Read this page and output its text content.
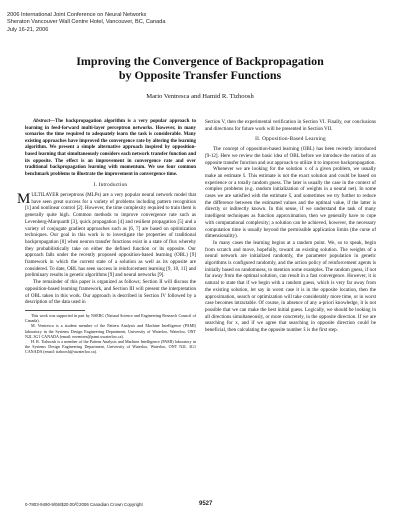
2006 International Joint Conference on Neural Networks
Sheraton Vancouver Wall Centre Hotel, Vancouver, BC, Canada
July 16-21, 2006
Improving the Convergence of Backpropagation
by Opposite Transfer Functions
Mario Ventresca and Hamid R. Tizhoosh

Abstract—The backpropagation algorithm is a very popular approach to learning in feed-forward multi-layer perceptron networks. However, in many scenarios the time required to adequately learn the task is considerable. Many existing approaches have improved the convergence rate by altering the learning algorithm. We present a simple alternative approach inspired by opposition-based learning that simultaneously considers each network transfer function and its opposite. The effect is an improvement in convergence rate and over traditional backpropagation learning with momentum. We use four common benchmark problems to illustrate the improvement in convergence time.

I. Introduction

MULTILAYER perceptrons (MLPs) are a very popular neural network model that have seen great success for a variety of problems including pattern recognition [1] and nonlinear control [2]. However, the time complexity required to train them is generally quite high. Common methods to improve convergence rate such as Levenberg-Marquardt [3], quick propagation [4] and resilient propagation [5] and a variety of conjugate gradient approaches such as [6, 7] are based on optimization techniques. Our goal in this work is to investigate the properties of traditional backpropagation [8] when neuron transfer functions exist in a state of flux whereby they probabilistically take on either the defined function or its opposite. Our approach falls under the recently proposed opposition-based learning (OBL) [9] framework in which the current state of a solution as well as its opposite are considered. To date, OBL has seen success in reinforcement learning [9, 10, 11] and preliminary results in genetic algorithms [9] and neural networks [9].

The remainder of this paper is organized as follows; Section II will discuss the opposition-based learning framework, and Section III will present the interpretation of OBL taken in this work. Our approach is described in Section IV followed by a description of the data used in

This work was supported in part by NSERC (Natural Science and Engineering Research Council of Canada).

M. Ventresca is a student member of the Pattern Analysis and Machine Intelligence (PAMI) laboratory in the Systems Design Engineering Department, University of Waterloo, Waterloo, ONT N2L 3G1 CANADA (email: mventres@pami.uwaterloo.ca).

H. R. Tizhoosh is a member of the Pattern Analysis and Machine Intelligence (PAMI) laboratory in the Systems Design Engineering Department, University of Waterloo, Waterloo, ONT N2L 3G1 CANADA (email: tizhoosh@uwaterloo.ca).

Section V, then the experimental verification in Section VI. Finally, our conclusions and directions for future work will be presented in Section VII.

II. Opposition-Based Learning

The concept of opposition-based learning (OBL) has been recently introduced [9-12]. Here we review the basic idea of OBL before we introduce the notion of an opposite transfer function and our approach to utilize it to improve backpropagation.

Whenever we are looking for the solution x of a given problem, we usually make an estimate x̂. This estimate is not the exact solution and could be based on experience or a totally random guess. The later is usually the case in the context of complex problems (e.g. random initialization of weights in a neural net). In some cases we are satisfied with the estimate x̂, and sometimes we try further to reduce the difference between the estimated values and the optimal value, if the latter is directly or indirectly known. In this sense, if we understand the task of many intelligent techniques as function approximation, then we generally have to cope with computational complexity; a solution can be achieved, however, the necessary computation time is usually beyond the permissible application limits (the curse of dimensionality).

In many cases the learning begins at a random point. We, so to speak, begin from scratch and move, hopefully, toward an existing solution. The weights of a neural network are initialized randomly, the parameter population in genetic algorithms is configured randomly, and the action policy of reinforcement agents is initially based on randomness, to mention some examples. The random guess, if not far away from the optimal solution, can result in a fast convergence. However, it is natural to state that if we begin with a random guess, which is very far away from the existing solution, let say in worst case it is in the opposite location, then the approximation, search or optimization will take considerably more time, or in worst case becomes intractable. Of course, in absence of any a-priori knowledge, it is not possible that we can make the best initial guess. Logically, we should be looking in all directions simultaneously, or more concretely, in the opposite direction. If we are searching for x, and if we agree that searching in opposite direction could be beneficial, then calculating the opposite number x̆ is the first step.

0-7803-9490-9/06/$20.00/©2006 Canadian Crown Copyright	9527
